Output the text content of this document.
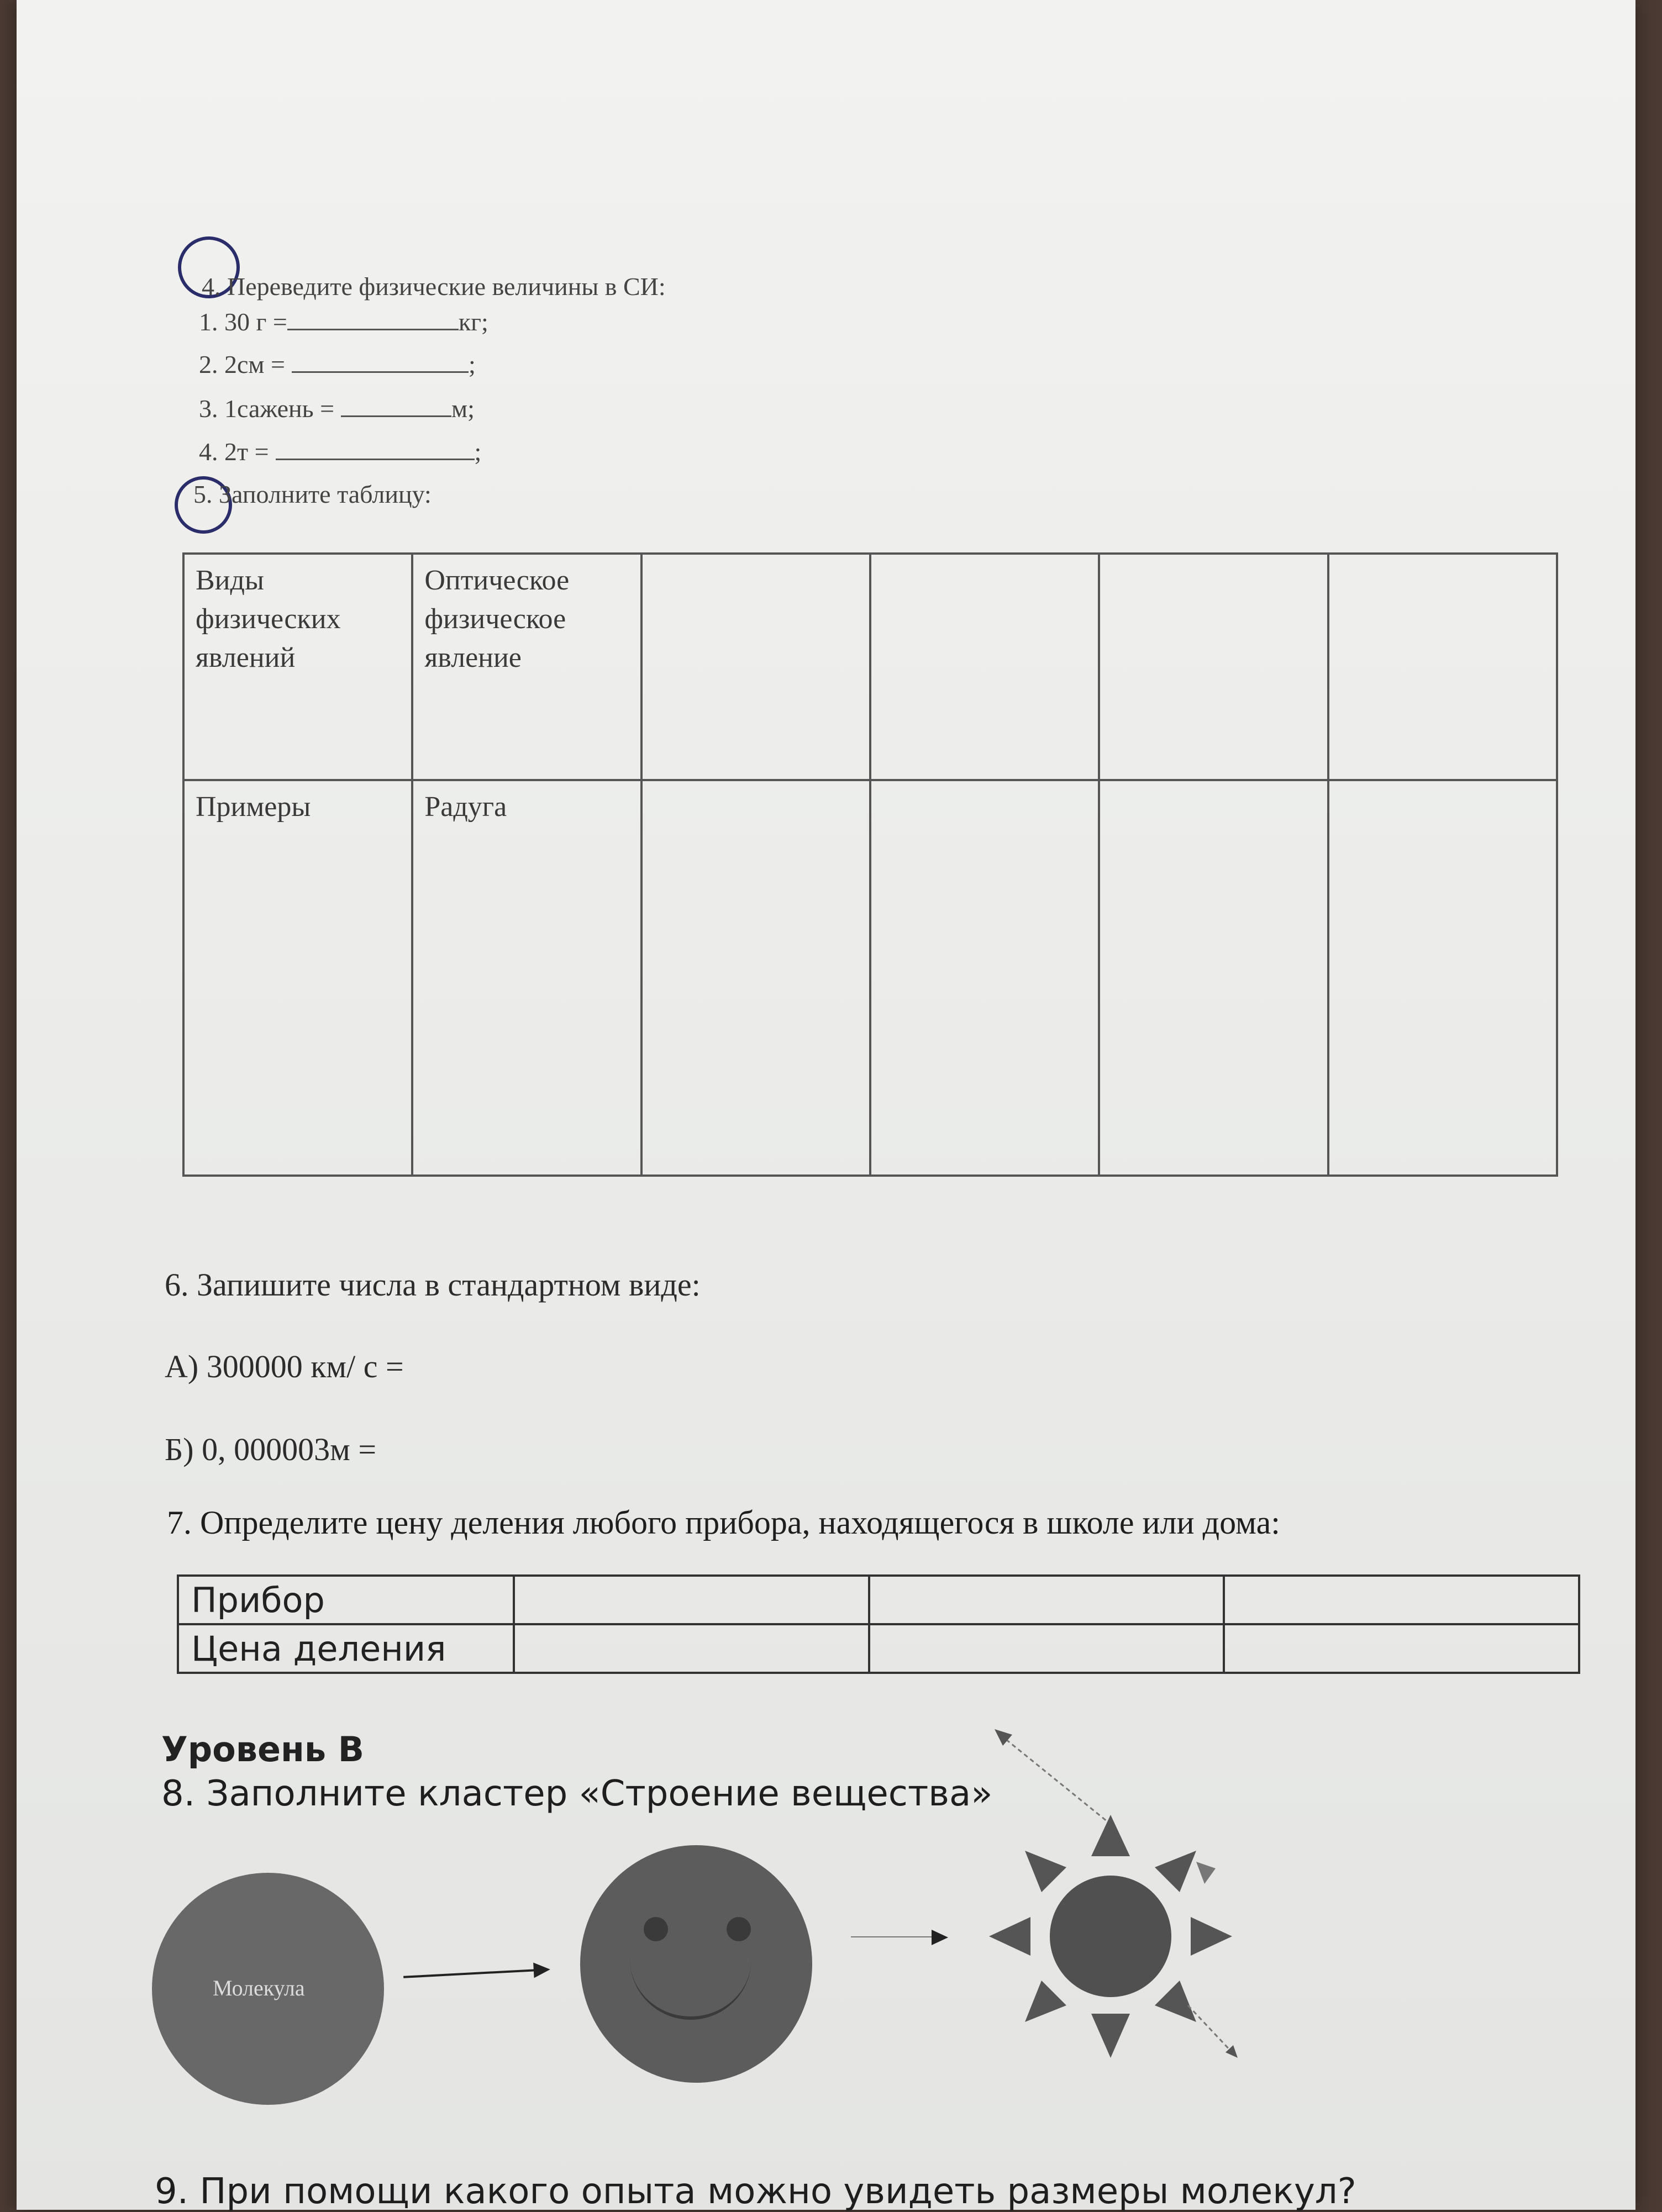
4. Переведите физические величины в СИ:
1. 30 г =	кг;
2. 2см =	;
3. 1сажень =	м;
4. 2т =	;
5. Заполните таблицу:
Виды физических явлений	Оптическое физическое явление				
Примеры	Радуга				
6. Запишите числа в стандартном виде:
А) 300000 км/ с =
Б) 0, 000003м =
7. Определите цену деления любого прибора, находящегося в школе или дома:
Прибор			
Цена деления			
Уровень В
8. Заполните кластер «Строение вещества»
Молекула
9. При помощи какого опыта можно увидеть размеры молекул?
